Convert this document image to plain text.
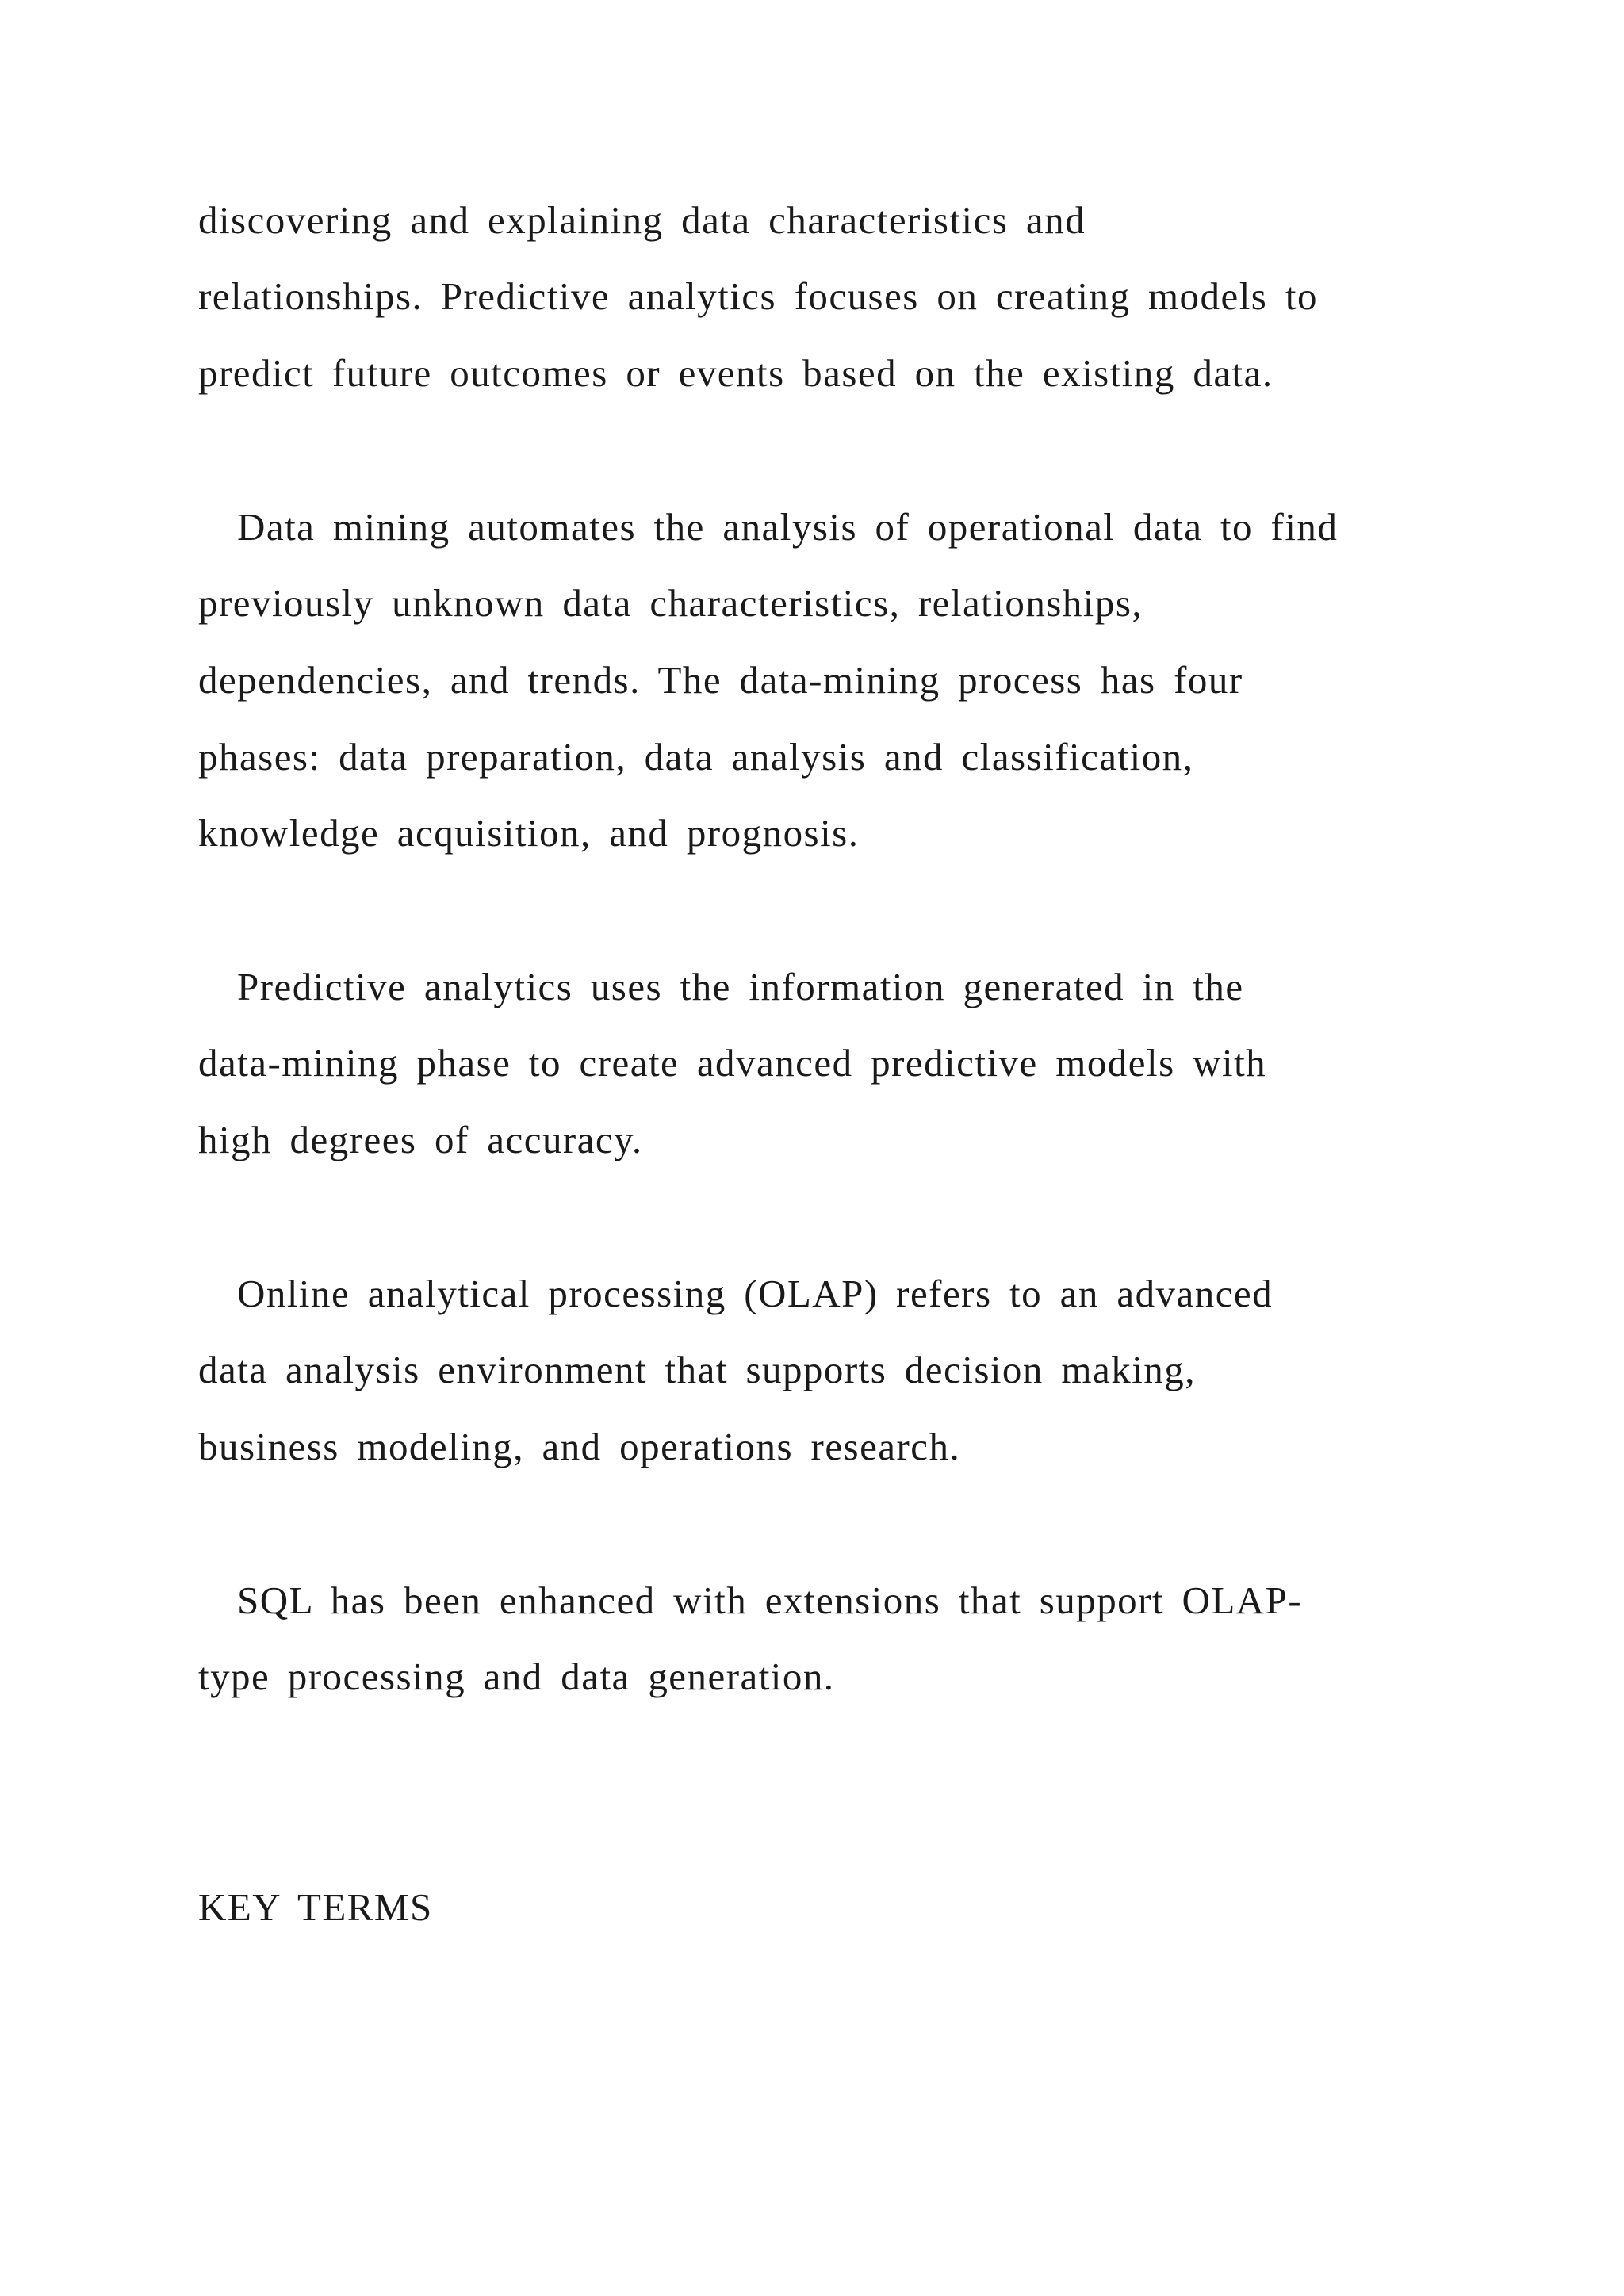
discovering and explaining data characteristics and

relationships. Predictive analytics focuses on creating models to

predict future outcomes or events based on the existing data.

Data mining automates the analysis of operational data to find

previously unknown data characteristics, relationships,

dependencies, and trends. The data-mining process has four

phases: data preparation, data analysis and classification,

knowledge acquisition, and prognosis.

Predictive analytics uses the information generated in the

data-mining phase to create advanced predictive models with

high degrees of accuracy.

Online analytical processing (OLAP) refers to an advanced

data analysis environment that supports decision making,

business modeling, and operations research.

SQL has been enhanced with extensions that support OLAP-

type processing and data generation.

KEY TERMS
